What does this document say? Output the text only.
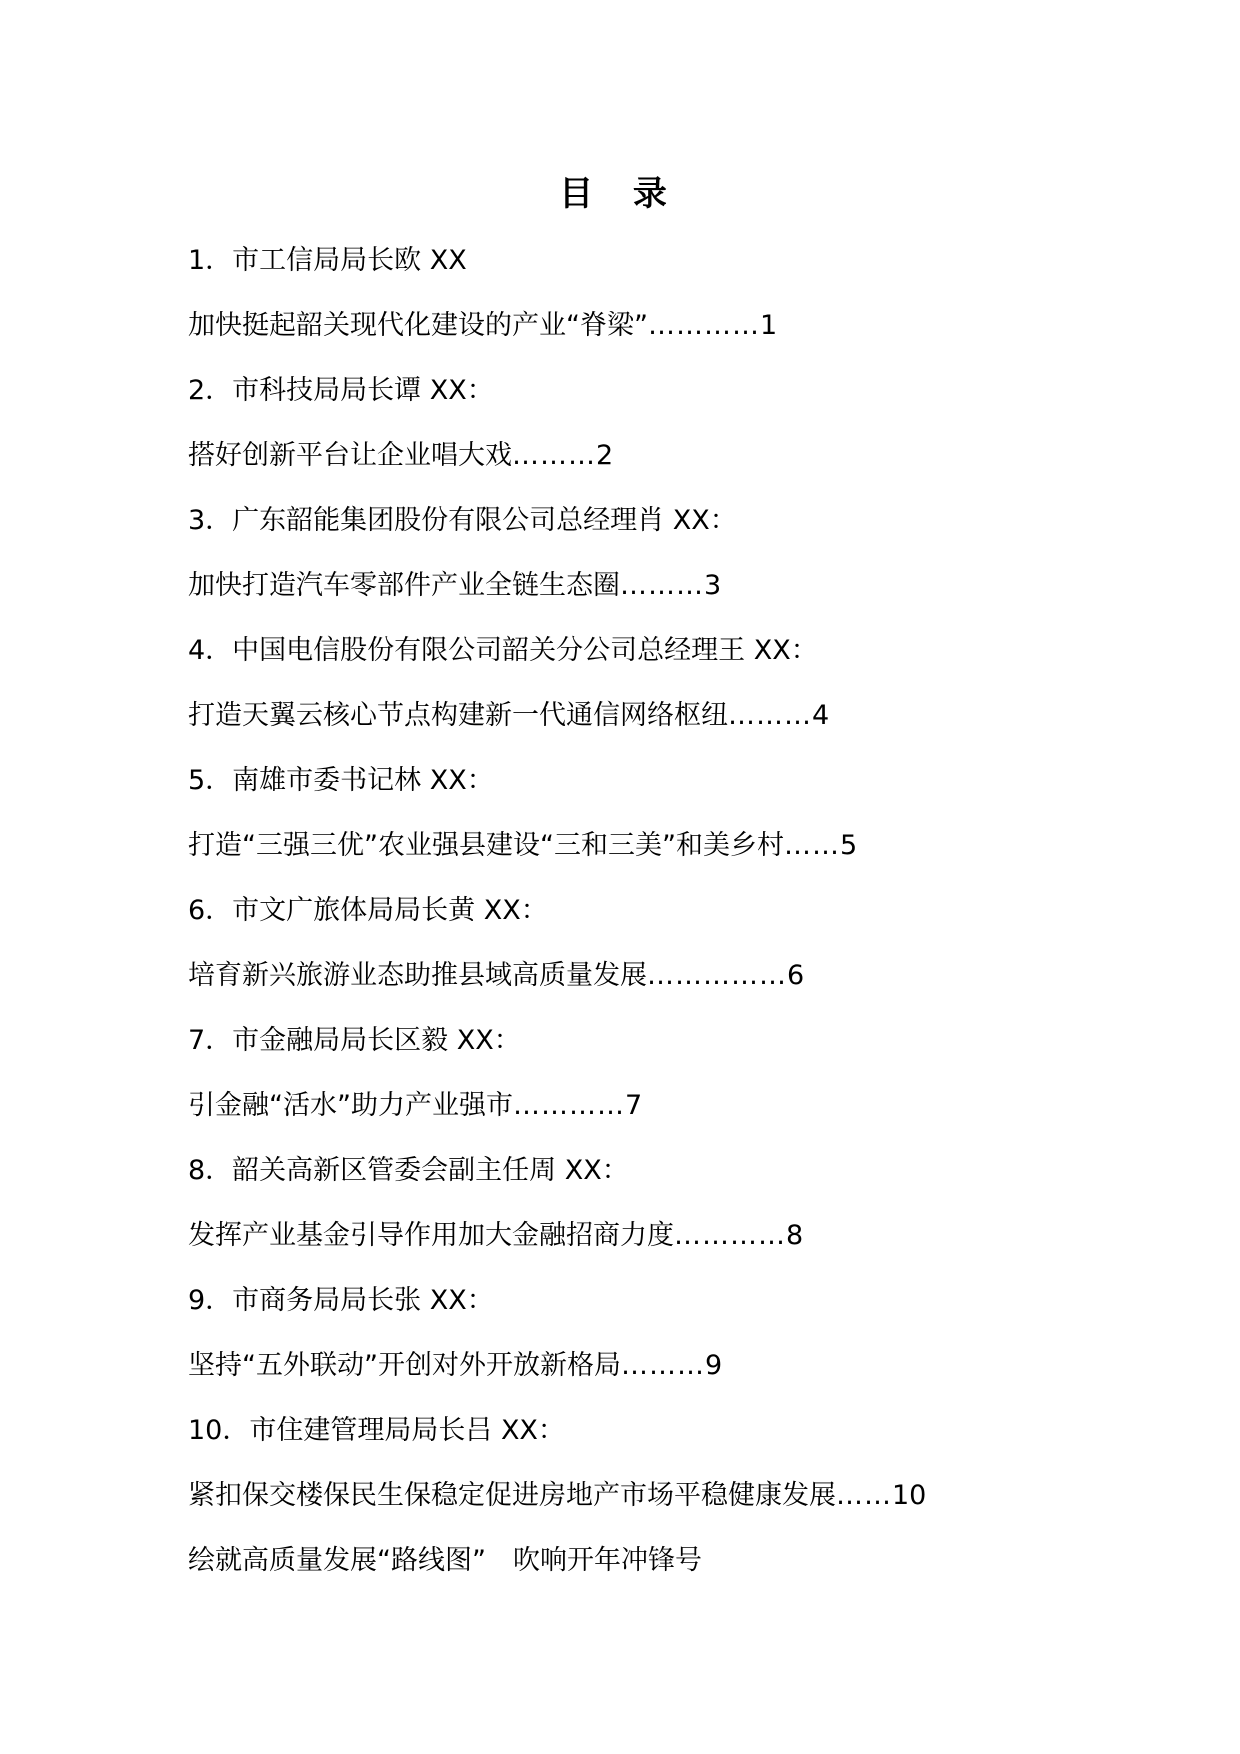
目 录
1．市工信局局长欧 XX
加快挺起韶关现代化建设的产业“脊梁”…………1
2．市科技局局长谭 XX：
搭好创新平台让企业唱大戏………2
3．广东韶能集团股份有限公司总经理肖 XX：
加快打造汽车零部件产业全链生态圈………3
4．中国电信股份有限公司韶关分公司总经理王 XX：
打造天翼云核心节点构建新一代通信网络枢纽………4
5．南雄市委书记林 XX：
打造“三强三优”农业强县建设“三和三美”和美乡村……5
6．市文广旅体局局长黄 XX：
培育新兴旅游业态助推县域高质量发展……………6
7．市金融局局长区毅 XX：
引金融“活水”助力产业强市…………7
8．韶关高新区管委会副主任周 XX：
发挥产业基金引导作用加大金融招商力度…………8
9．市商务局局长张 XX：
坚持“五外联动”开创对外开放新格局………9
10．市住建管理局局长吕 XX：
紧扣保交楼保民生保稳定促进房地产市场平稳健康发展……10
绘就高质量发展“路线图”　吹响开年冲锋号
